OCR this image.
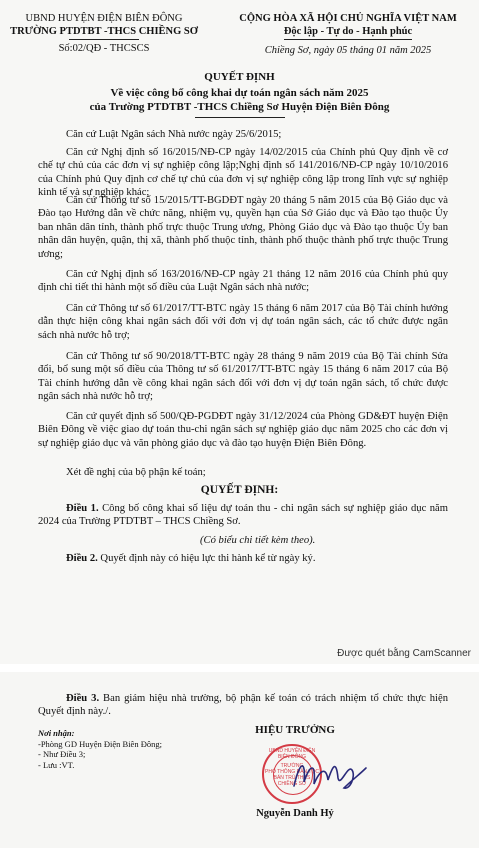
UBND HUYỆN ĐIỆN BIÊN ĐÔNG
TRƯỜNG PTDTBT -THCS CHIỀNG SƠ
Số:02/QĐ - THCSCS
CỘNG HÒA XÃ HỘI CHỦ NGHĨA VIỆT NAM
Độc lập - Tự do - Hạnh phúc
Chiềng Sơ, ngày 05 tháng 01 năm 2025
QUYẾT ĐỊNH
Về việc công bố công khai dự toán ngân sách năm 2025
của Trường PTDTBT -THCS Chiềng Sơ Huyện Điện Biên Đông
Căn cứ Luật Ngân sách Nhà nước ngày 25/6/2015;
Căn cứ Nghị định số 16/2015/NĐ-CP ngày 14/02/2015 của Chính phủ Quy định về cơ chế tự chủ của các đơn vị sự nghiệp công lập;Nghị định số 141/2016/NĐ-CP ngày 10/10/2016 của Chính phủ Quy định cơ chế tự chủ của đơn vị sự nghiệp công lập trong lĩnh vực sự nghiệp kinh tế và sự nghiệp khác;
Căn cứ Thông tư số 15/2015/TT-BGDĐT ngày 20 tháng 5 năm 2015 của Bộ Giáo dục và Đào tạo Hướng dẫn về chức năng, nhiệm vụ, quyền hạn của Sở Giáo dục và Đào tạo thuộc Ủy ban nhân dân tỉnh, thành phố trực thuộc Trung ương, Phòng Giáo dục và Đào tạo thuộc Ủy ban nhân dân huyện, quận, thị xã, thành phố thuộc tỉnh, thành phố thuộc thành phố trực thuộc Trung ương;
Căn cứ Nghị định số 163/2016/NĐ-CP ngày 21 tháng 12 năm 2016 của Chính phủ quy định chi tiết thi hành một số điều của Luật Ngân sách nhà nước;
Căn cứ Thông tư số 61/2017/TT-BTC ngày 15 tháng 6 năm 2017 của Bộ Tài chính hướng dẫn thực hiện công khai ngân sách đối với đơn vị dự toán ngân sách, các tổ chức được ngân sách nhà nước hỗ trợ;
Căn cứ Thông tư số 90/2018/TT-BTC ngày 28 tháng 9 năm 2019 của Bộ Tài chính Sửa đổi, bổ sung một số điều của Thông tư số 61/2017/TT-BTC ngày 15 tháng 6 năm 2017 của Bộ Tài chính hướng dẫn về công khai ngân sách đối với đơn vị dự toán ngân sách, tổ chức được ngân sách nhà nước hỗ trợ;
Căn cứ quyết định số 500/QĐ-PGDĐT ngày 31/12/2024 của Phòng GD&ĐT huyện Điện Biên Đông về việc giao dự toán thu-chi ngân sách sự nghiệp giáo dục năm 2025 cho các đơn vị sự nghiệp giáo dục và văn phòng giáo dục và đào tạo huyện Điện Biên Đông.
Xét đề nghị của bộ phận kế toán;
QUYẾT ĐỊNH:
Điều 1. Công bố công khai số liệu dự toán thu - chi ngân sách sự nghiệp giáo dục năm 2024 của Trường PTDTBT – THCS Chiềng Sơ.
(Có biểu chi tiết kèm theo).
Điều 2. Quyết định này có hiệu lực thi hành kể từ ngày ký.
Được quét bằng CamScanner
Điều 3. Ban giám hiệu nhà trường, bộ phận kế toán có trách nhiệm tổ chức thực hiện Quyết định này./.
Nơi nhận:
-Phòng GD Huyện Điện Biên Đông;
- Như Điều 3;
- Lưu :VT.
HIỆU TRƯỞNG
UBND HUYỆN ĐIỆN BIÊN ĐÔNG
TRƯỜNG
PHỔ THÔNG DÂN TỘC
BÁN TRÚ THCS
CHIỀNG SƠ
Nguyễn Danh Hỷ
